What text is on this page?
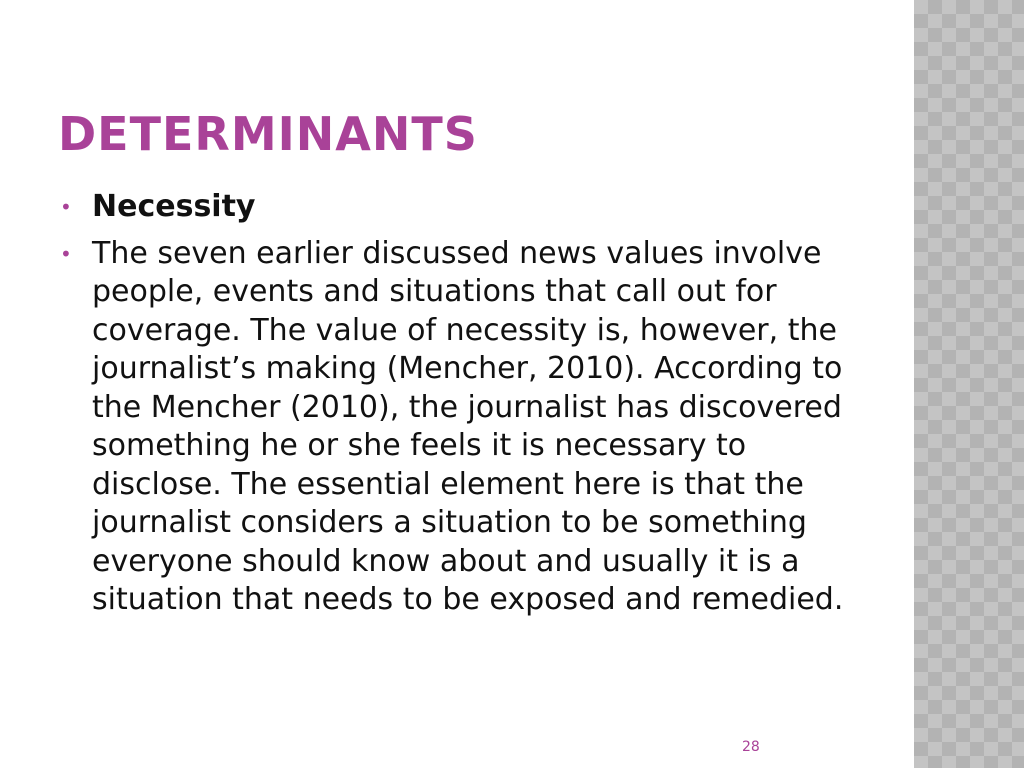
DETERMINANTS
• Necessity
• The seven earlier discussed news values involve people, events and situations that call out for coverage. The value of necessity is, however, the journalist’s making (Mencher, 2010). According to the Mencher (2010), the journalist has discovered something he or she feels it is necessary to disclose. The essential element here is that the journalist considers a situation to be something everyone should know about and usually it is a situation that needs to be exposed and remedied.
28
